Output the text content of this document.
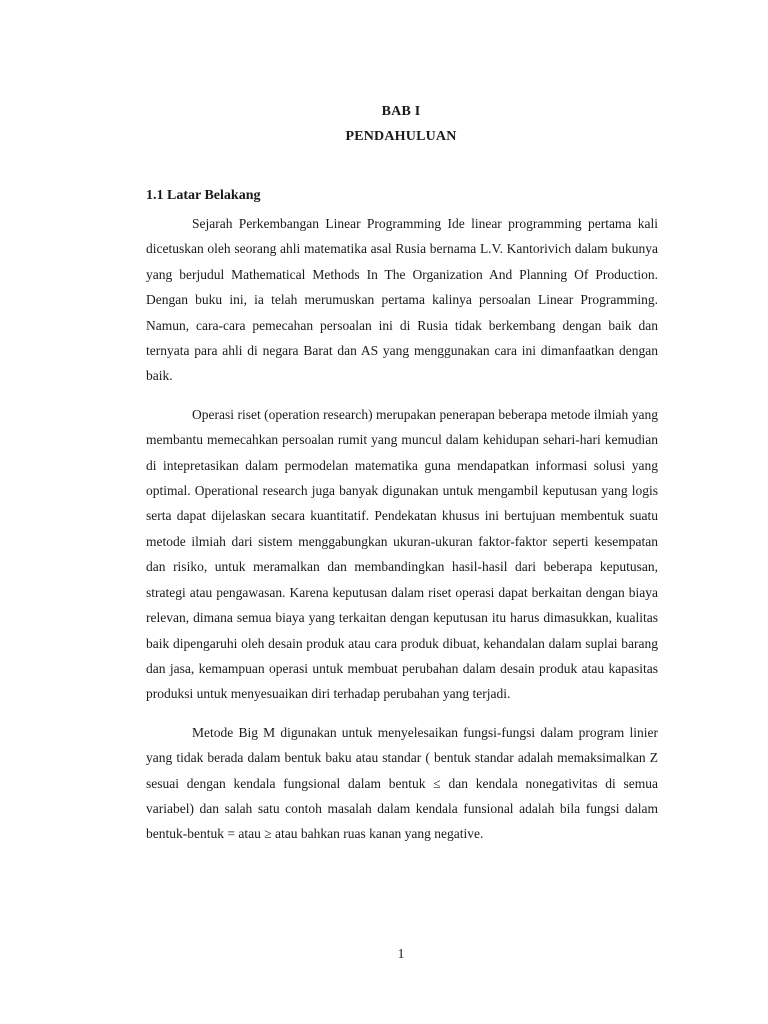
BAB I
PENDAHULUAN
1.1 Latar Belakang

Sejarah Perkembangan Linear Programming Ide linear programming pertama kali dicetuskan oleh seorang ahli matematika asal Rusia bernama L.V. Kantorivich dalam bukunya yang berjudul Mathematical Methods In The Organization And Planning Of Production. Dengan buku ini, ia telah merumuskan pertama kalinya persoalan Linear Programming. Namun, cara-cara pemecahan persoalan ini di Rusia tidak berkembang dengan baik dan ternyata para ahli di negara Barat dan AS yang menggunakan cara ini dimanfaatkan dengan baik.

Operasi riset (operation research) merupakan penerapan beberapa metode ilmiah yang membantu memecahkan persoalan rumit yang muncul dalam kehidupan sehari-hari kemudian di intepretasikan dalam permodelan matematika guna mendapatkan informasi solusi yang optimal. Operational research juga banyak digunakan untuk mengambil keputusan yang logis serta dapat dijelaskan secara kuantitatif. Pendekatan khusus ini bertujuan membentuk suatu metode ilmiah dari sistem menggabungkan ukuran-ukuran faktor-faktor seperti kesempatan dan risiko, untuk meramalkan dan membandingkan hasil-hasil dari beberapa keputusan, strategi atau pengawasan. Karena keputusan dalam riset operasi dapat berkaitan dengan biaya relevan, dimana semua biaya yang terkaitan dengan keputusan itu harus dimasukkan, kualitas baik dipengaruhi oleh desain produk atau cara produk dibuat, kehandalan dalam suplai barang dan jasa, kemampuan operasi untuk membuat perubahan dalam desain produk atau kapasitas produksi untuk menyesuaikan diri terhadap perubahan yang terjadi.

Metode Big M digunakan untuk menyelesaikan fungsi-fungsi dalam program linier yang tidak berada dalam bentuk baku atau standar ( bentuk standar adalah memaksimalkan Z sesuai dengan kendala fungsional dalam bentuk ≤ dan kendala nonegativitas di semua variabel) dan salah satu contoh masalah dalam kendala funsional adalah bila fungsi dalam bentuk-bentuk = atau ≥ atau bahkan ruas kanan yang negative.

1
